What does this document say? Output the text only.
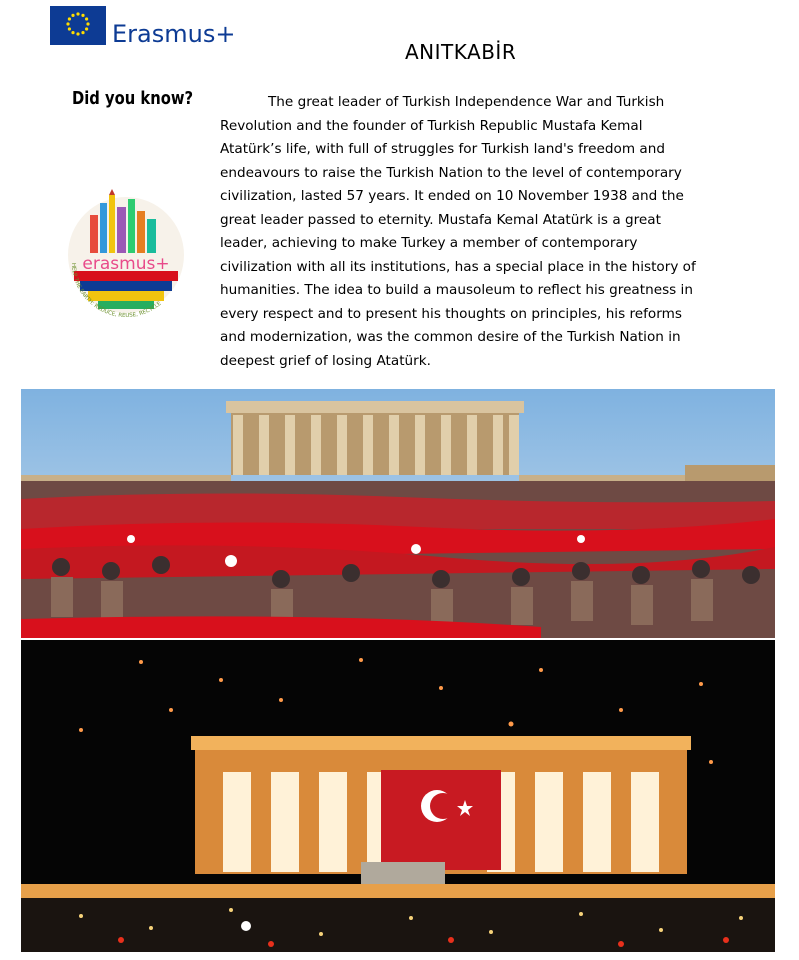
Erasmus+
ANITKABİR
Did you know?	The great leader of Turkish Independence War and Turkish Revolution and the founder of Turkish Republic Mustafa Kemal Atatürk’s life, with full of struggles for Turkish land's freedom and endeavours to raise the Turkish Nation to the level of contemporary civilization, lasted 57 years. It ended on 10 November 1938 and the great leader passed to eternity. Mustafa Kemal Atatürk is a great leader, achieving to make Turkey a member of contemporary civilization with all its institutions, has a special place in the history of humanities. The idea to build a mausoleum to reflect his greatness in every respect and to present his thoughts on principles, his reforms and modernization, was the common desire of the Turkish Nation in deepest grief of losing Atatürk.

erasmus+
HELP THE EARTH: REDUCE, REUSE, RECYCLE
